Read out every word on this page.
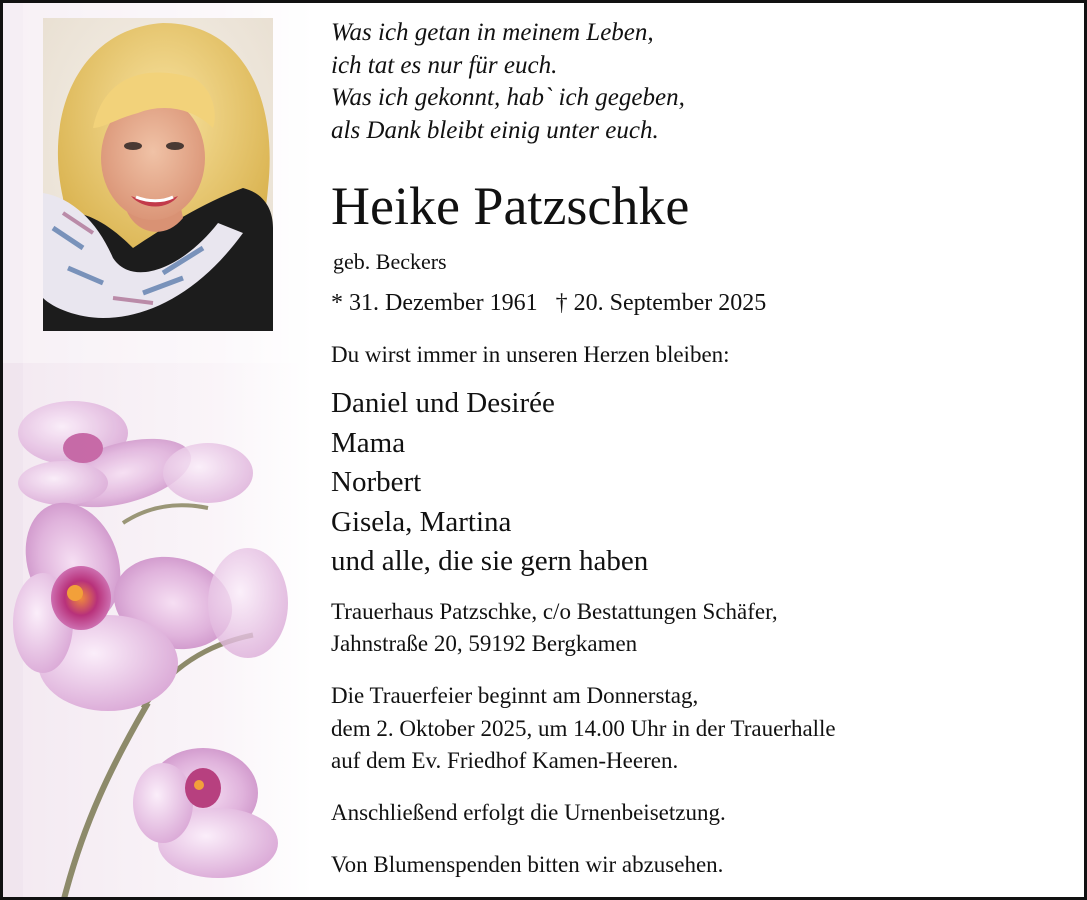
Was ich getan in meinem Leben,
ich tat es nur für euch.
Was ich gekonnt, hab` ich gegeben,
als Dank bleibt einig unter euch.
Heike Patzschke
geb. Beckers
* 31. Dezember 1961 † 20. September 2025
Du wirst immer in unseren Herzen bleiben:
Daniel und Desirée
Mama
Norbert
Gisela, Martina
und alle, die sie gern haben
Trauerhaus Patzschke, c/o Bestattungen Schäfer,
Jahnstraße 20, 59192 Bergkamen
Die Trauerfeier beginnt am Donnerstag,
dem 2. Oktober 2025, um 14.00 Uhr in der Trauerhalle
auf dem Ev. Friedhof Kamen-Heeren.
Anschließend erfolgt die Urnenbeisetzung.
Von Blumenspenden bitten wir abzusehen.
